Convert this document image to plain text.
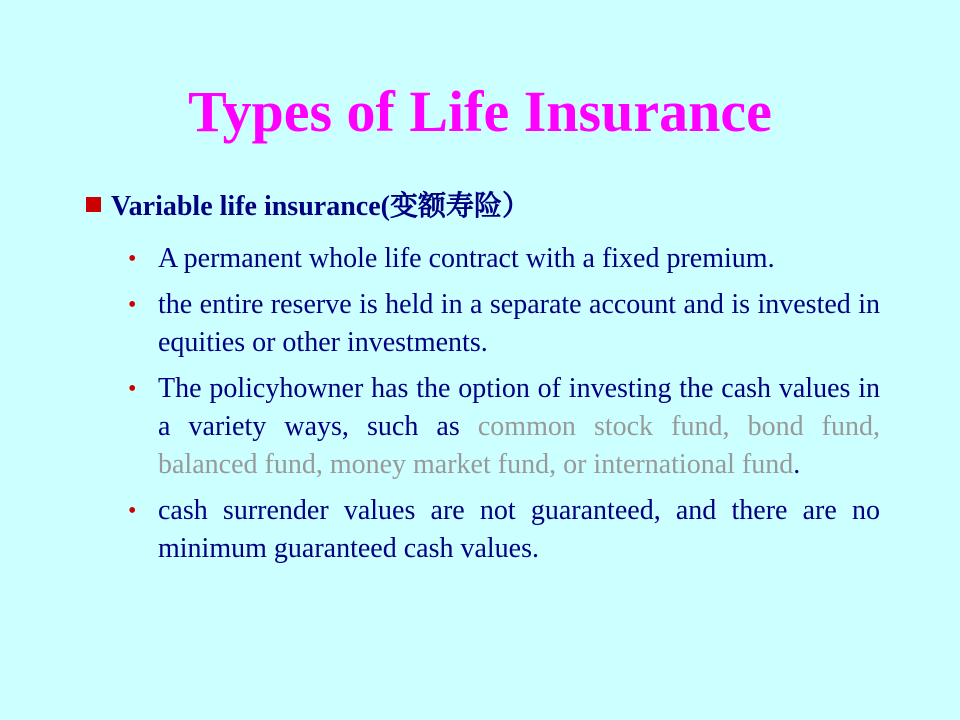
Types of Life Insurance
Variable life insurance(变额寿险）
• A permanent whole life contract with a fixed premium.
• the entire reserve is held in a separate account and is invested in equities or other investments.
• The policyhowner has the option of investing the cash values in a variety ways, such as common stock fund, bond fund, balanced fund, money market fund, or international fund.
• cash surrender values are not guaranteed, and there are no minimum guaranteed cash values.
